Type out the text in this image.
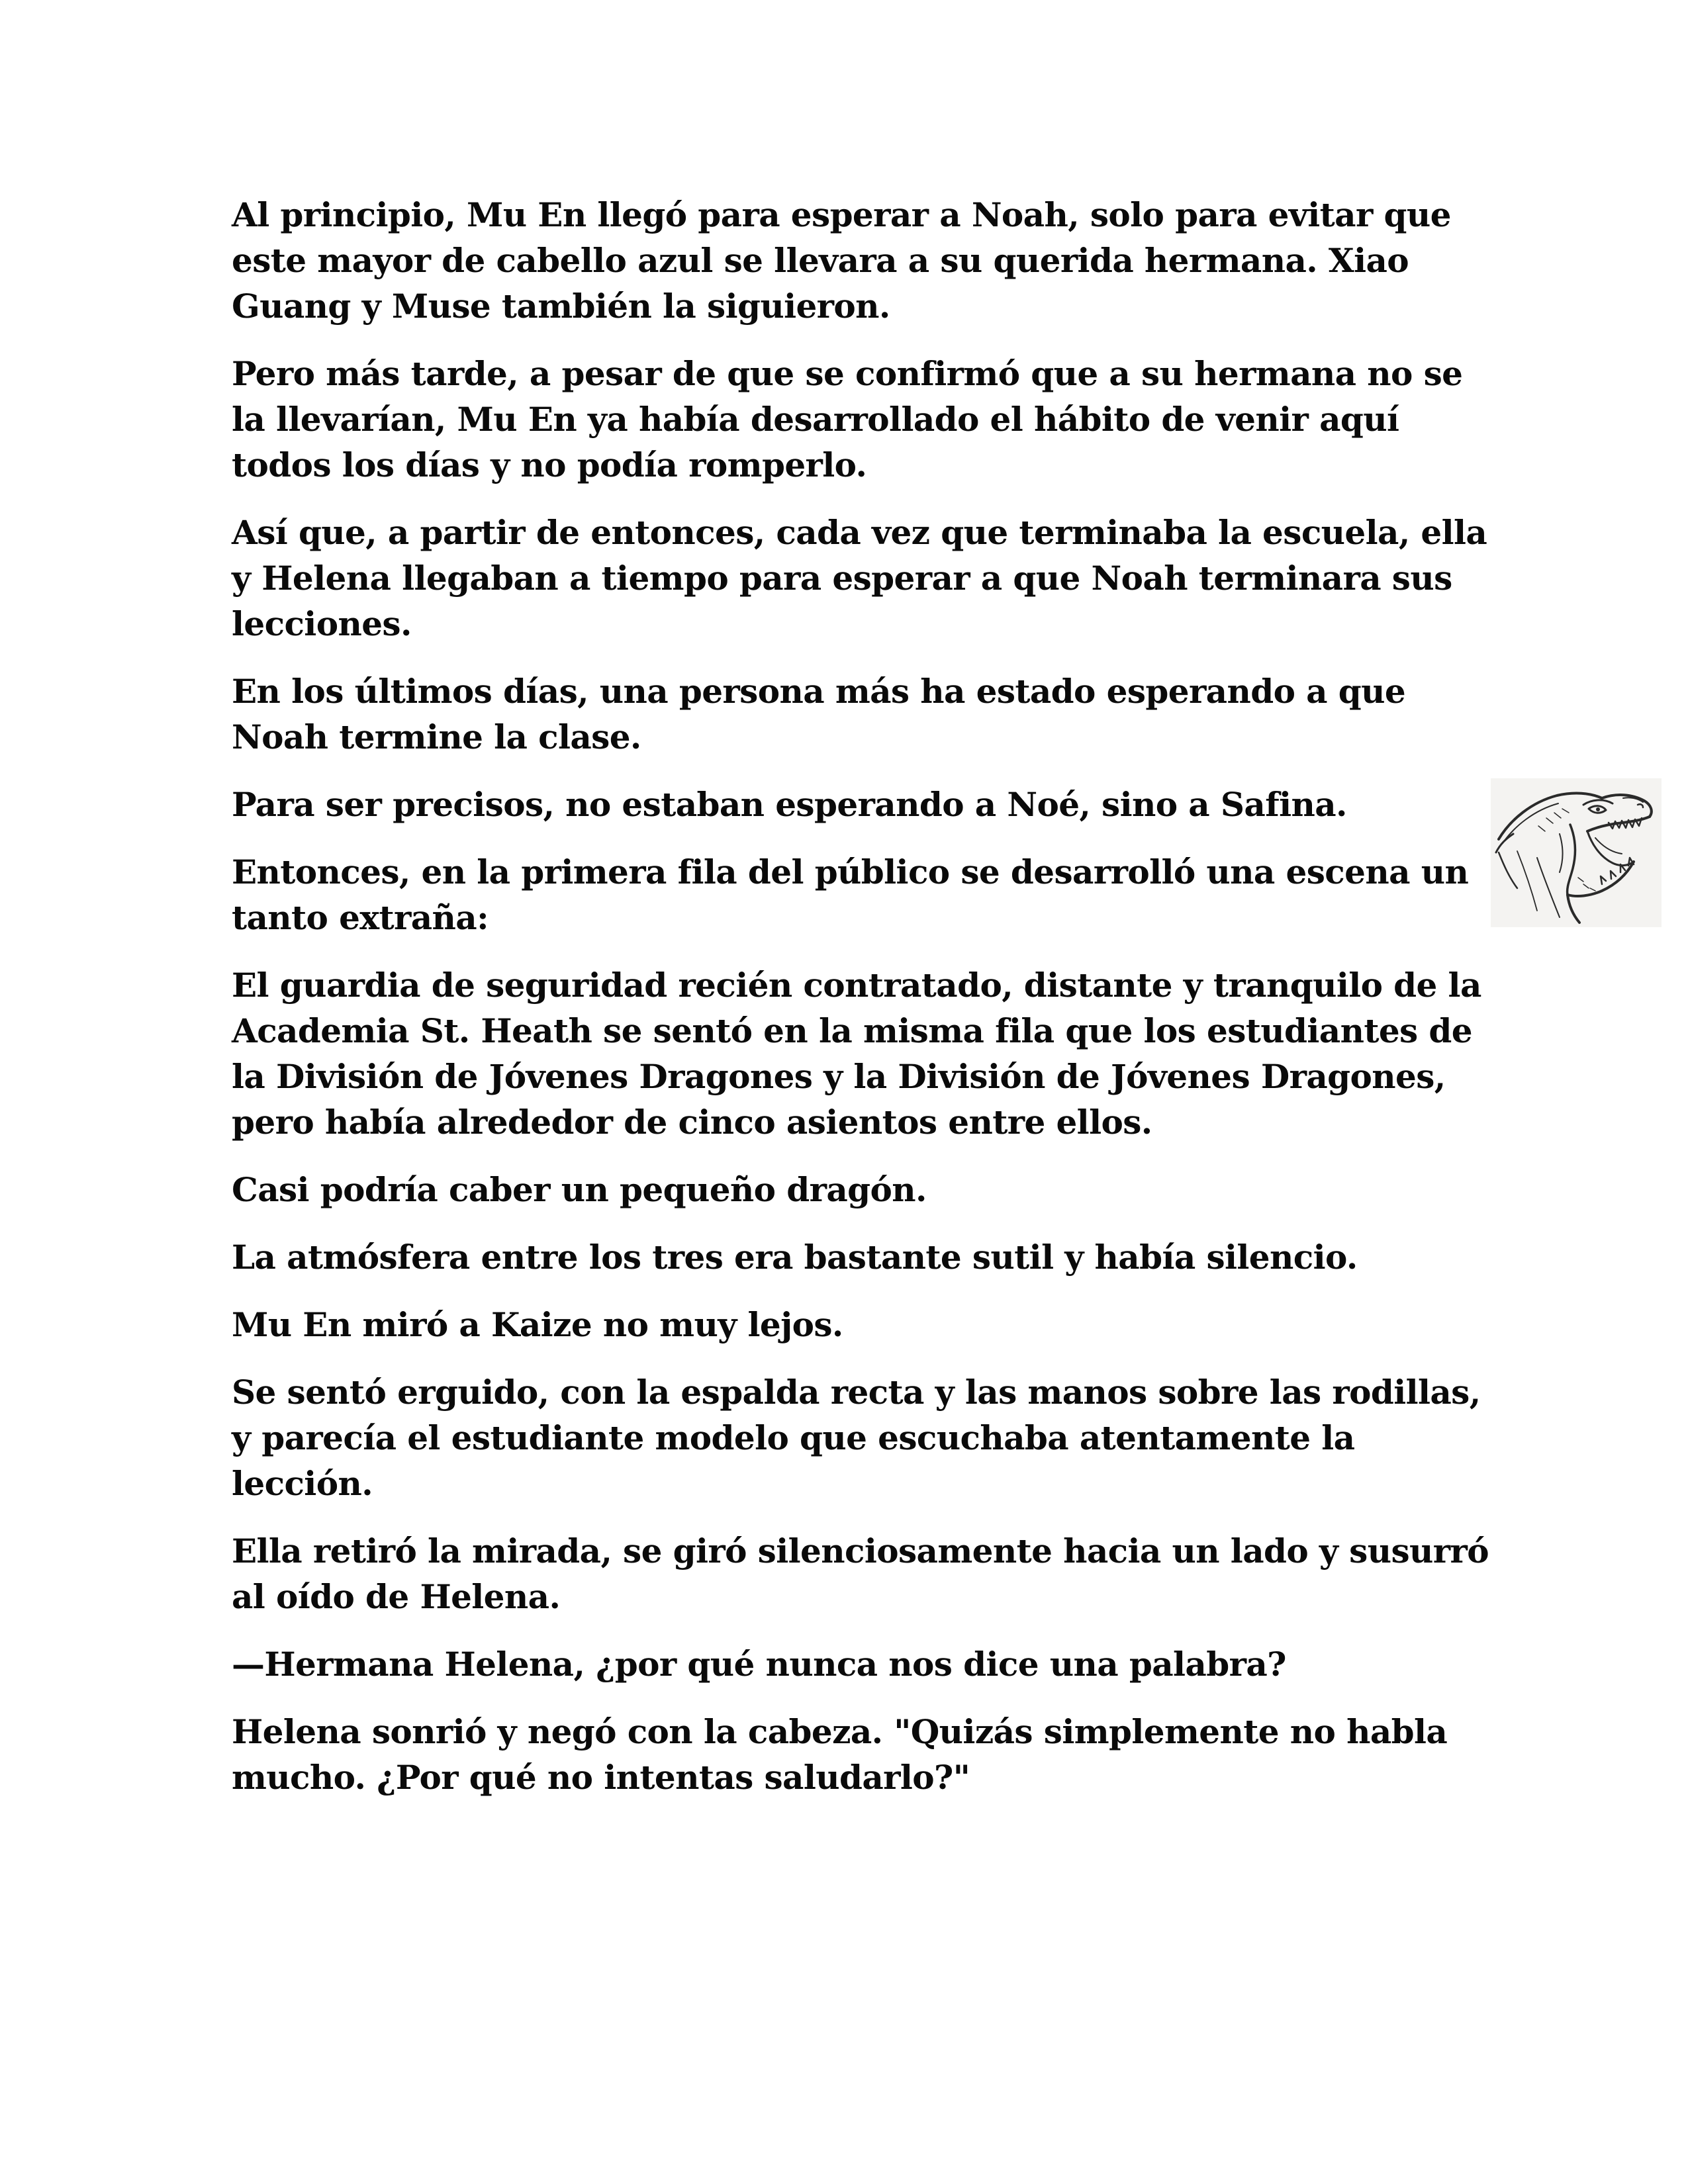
Al principio, Mu En llegó para esperar a Noah, solo para evitar que este mayor de cabello azul se llevara a su querida hermana. Xiao Guang y Muse también la siguieron.

Pero más tarde, a pesar de que se confirmó que a su hermana no se la llevarían, Mu En ya había desarrollado el hábito de venir aquí todos los días y no podía romperlo.

Así que, a partir de entonces, cada vez que terminaba la escuela, ella y Helena llegaban a tiempo para esperar a que Noah terminara sus lecciones.

En los últimos días, una persona más ha estado esperando a que Noah termine la clase.

Para ser precisos, no estaban esperando a Noé, sino a Safina.

Entonces, en la primera fila del público se desarrolló una escena un tanto extraña:

El guardia de seguridad recién contratado, distante y tranquilo de la Academia St. Heath se sentó en la misma fila que los estudiantes de la División de Jóvenes Dragones y la División de Jóvenes Dragones, pero había alrededor de cinco asientos entre ellos.

Casi podría caber un pequeño dragón.

La atmósfera entre los tres era bastante sutil y había silencio.

Mu En miró a Kaize no muy lejos.

Se sentó erguido, con la espalda recta y las manos sobre las rodillas, y parecía el estudiante modelo que escuchaba atentamente la lección.

Ella retiró la mirada, se giró silenciosamente hacia un lado y susurró al oído de Helena.

—Hermana Helena, ¿por qué nunca nos dice una palabra?

Helena sonrió y negó con la cabeza. "Quizás simplemente no habla mucho. ¿Por qué no intentas saludarlo?"
